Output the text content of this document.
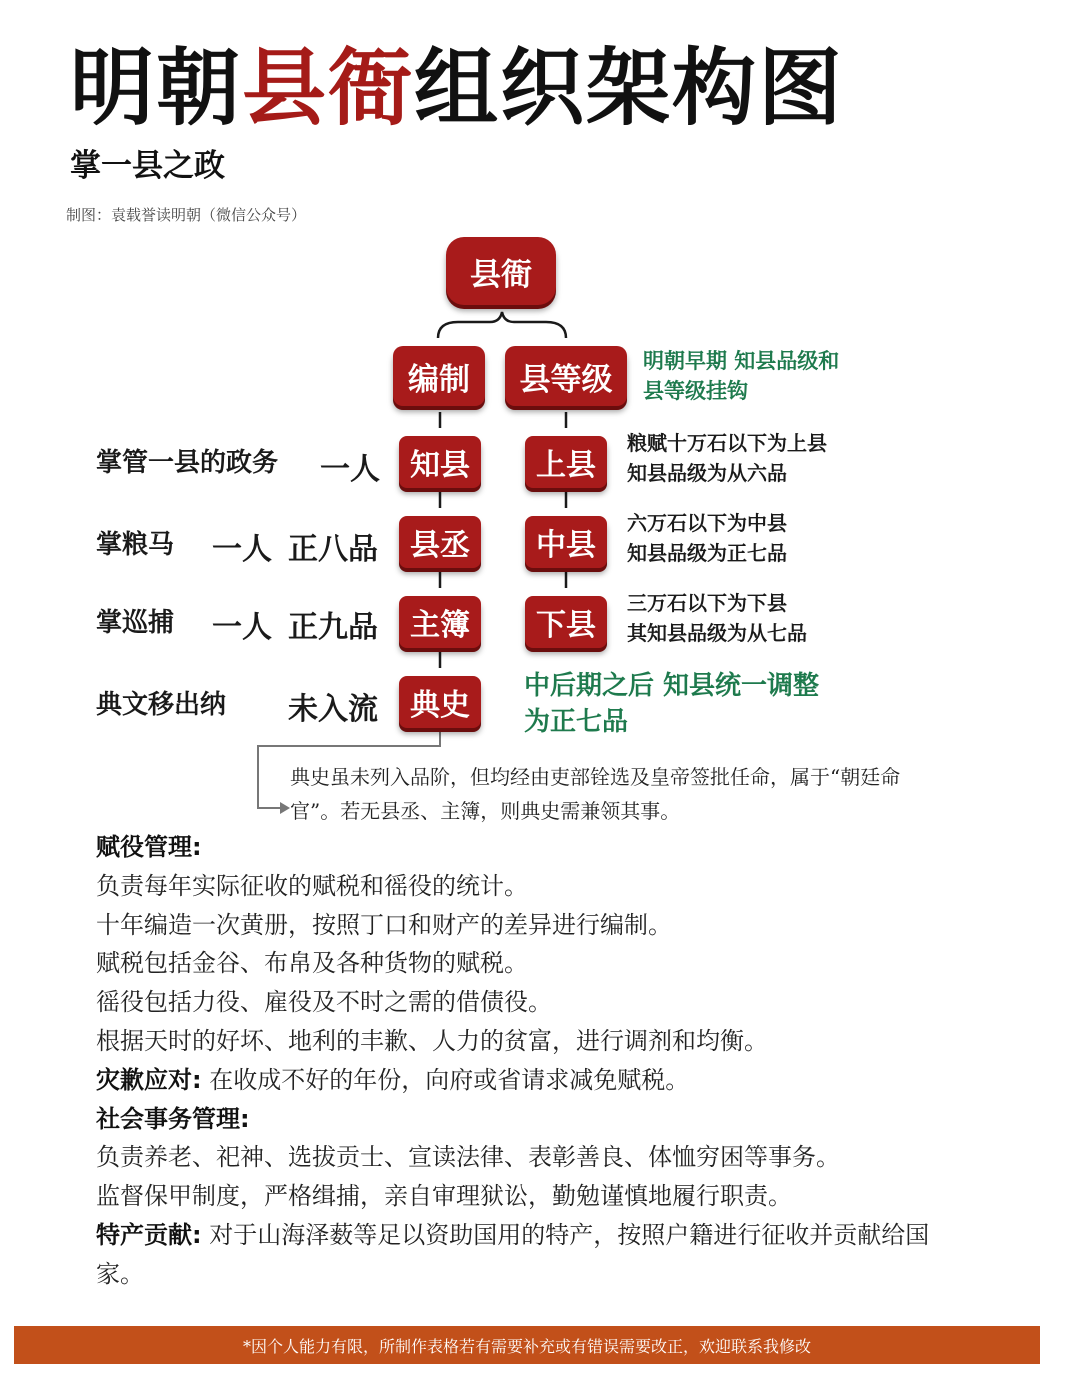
明朝县衙组织架构图
掌一县之政
制图：袁载誉读明朝（微信公众号）
县衙
编制	县等级
明朝早期 知县品级和县等级挂钩
掌管一县的政务 一人	知县
掌粮马 一人 正八品	县丞
掌巡捕 一人 正九品	主簿
典文移出纳 未入流	典史
上县
粮赋十万石以下为上县
知县品级为从六品
中县
六万石以下为中县
知县品级为正七品
下县
三万石以下为下县
其知县品级为从七品
中后期之后 知县统一调整为正七品
典史虽未列入品阶，但均经由吏部铨选及皇帝签批任命，属于“朝廷命官”。若无县丞、主簿，则典史需兼领其事。
赋役管理:
负责每年实际征收的赋税和徭役的统计。
十年编造一次黄册，按照丁口和财产的差异进行编制。
赋税包括金谷、布帛及各种货物的赋税。
徭役包括力役、雇役及不时之需的借债役。
根据天时的好坏、地利的丰歉、人力的贫富，进行调剂和均衡。
灾歉应对: 在收成不好的年份，向府或省请求减免赋税。
社会事务管理:
负责养老、祀神、选拔贡士、宣读法律、表彰善良、体恤穷困等事务。
监督保甲制度，严格缉捕，亲自审理狱讼，勤勉谨慎地履行职责。
特产贡献: 对于山海泽薮等足以资助国用的特产，按照户籍进行征收并贡献给国家。
*因个人能力有限，所制作表格若有需要补充或有错误需要改正，欢迎联系我修改
